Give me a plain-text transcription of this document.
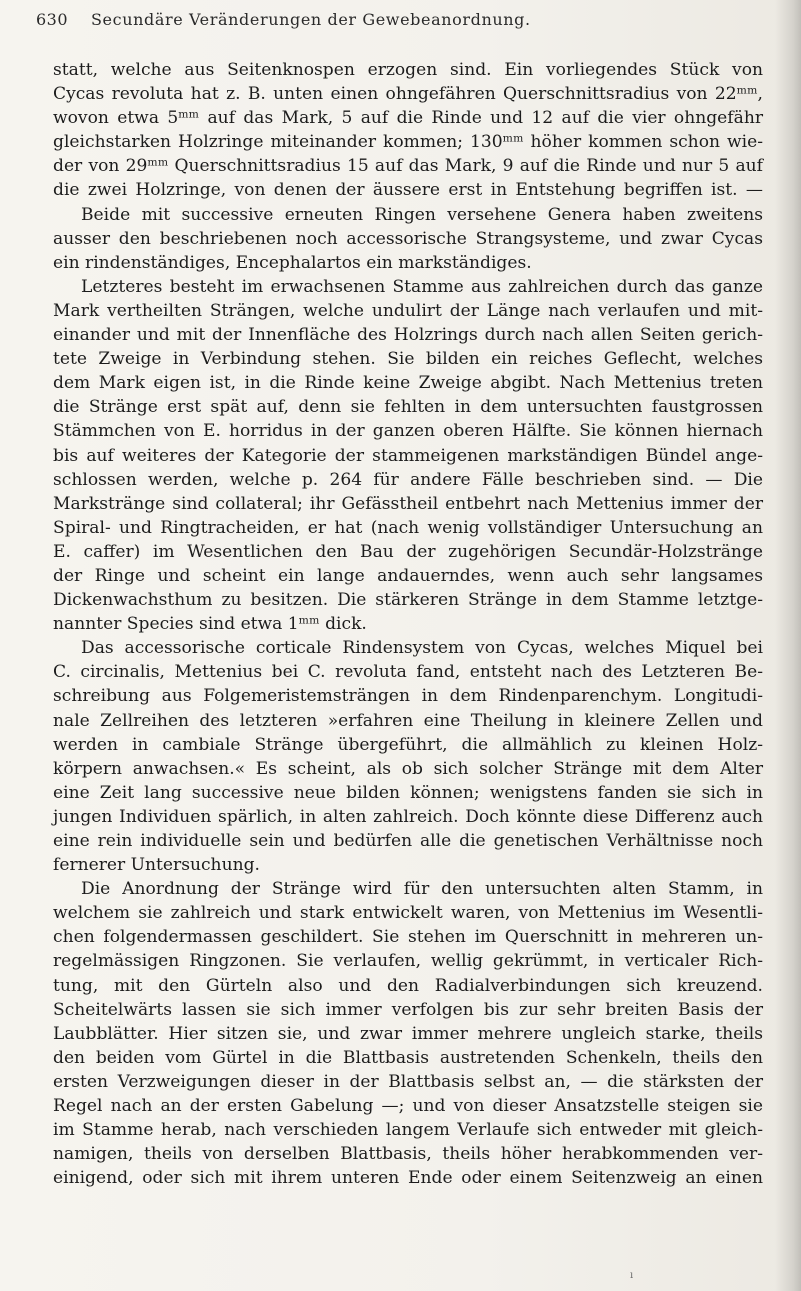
630 Secundäre Veränderungen der Gewebeanordnung.
statt, welche aus Seitenknospen erzogen sind. Ein vorliegendes Stück von
Cycas revoluta hat z. B. unten einen ohngefähren Querschnittsradius von 22ᵐᵐ,
wovon etwa 5ᵐᵐ auf das Mark, 5 auf die Rinde und 12 auf die vier ohngefähr
gleichstarken Holzringe miteinander kommen; 130ᵐᵐ höher kommen schon wie-
der von 29ᵐᵐ Querschnittsradius 15 auf das Mark, 9 auf die Rinde und nur 5 auf
die zwei Holzringe, von denen der äussere erst in Entstehung begriffen ist. —
Beide mit successive erneuten Ringen versehene Genera haben zweitens
ausser den beschriebenen noch accessorische Strangsysteme, und zwar Cycas
ein rindenständiges, Encephalartos ein markständiges.
Letzteres besteht im erwachsenen Stamme aus zahlreichen durch das ganze
Mark vertheilten Strängen, welche undulirt der Länge nach verlaufen und mit-
einander und mit der Innenfläche des Holzrings durch nach allen Seiten gerich-
tete Zweige in Verbindung stehen. Sie bilden ein reiches Geflecht, welches
dem Mark eigen ist, in die Rinde keine Zweige abgibt. Nach Mettenius treten
die Stränge erst spät auf, denn sie fehlten in dem untersuchten faustgrossen
Stämmchen von E. horridus in der ganzen oberen Hälfte. Sie können hiernach
bis auf weiteres der Kategorie der stammeigenen markständigen Bündel ange-
schlossen werden, welche p. 264 für andere Fälle beschrieben sind. — Die
Markstränge sind collateral; ihr Gefässtheil entbehrt nach Mettenius immer der
Spiral- und Ringtracheiden, er hat (nach wenig vollständiger Untersuchung an
E. caffer) im Wesentlichen den Bau der zugehörigen Secundär-Holzstränge
der Ringe und scheint ein lange andauerndes, wenn auch sehr langsames
Dickenwachsthum zu besitzen. Die stärkeren Stränge in dem Stamme letztge-
nannter Species sind etwa 1ᵐᵐ dick.
Das accessorische corticale Rindensystem von Cycas, welches Miquel bei
C. circinalis, Mettenius bei C. revoluta fand, entsteht nach des Letzteren Be-
schreibung aus Folgemeristemsträngen in dem Rindenparenchym. Longitudi-
nale Zellreihen des letzteren »erfahren eine Theilung in kleinere Zellen und
werden in cambiale Stränge übergeführt, die allmählich zu kleinen Holz-
körpern anwachsen.« Es scheint, als ob sich solcher Stränge mit dem Alter
eine Zeit lang successive neue bilden können; wenigstens fanden sie sich in
jungen Individuen spärlich, in alten zahlreich. Doch könnte diese Differenz auch
eine rein individuelle sein und bedürfen alle die genetischen Verhältnisse noch
fernerer Untersuchung.
Die Anordnung der Stränge wird für den untersuchten alten Stamm, in
welchem sie zahlreich und stark entwickelt waren, von Mettenius im Wesentli-
chen folgendermassen geschildert. Sie stehen im Querschnitt in mehreren un-
regelmässigen Ringzonen. Sie verlaufen, wellig gekrümmt, in verticaler Rich-
tung, mit den Gürteln also und den Radialverbindungen sich kreuzend.
Scheitelwärts lassen sie sich immer verfolgen bis zur sehr breiten Basis der
Laubblätter. Hier sitzen sie, und zwar immer mehrere ungleich starke, theils
den beiden vom Gürtel in die Blattbasis austretenden Schenkeln, theils den
ersten Verzweigungen dieser in der Blattbasis selbst an, — die stärksten der
Regel nach an der ersten Gabelung —; und von dieser Ansatzstelle steigen sie
im Stamme herab, nach verschieden langem Verlaufe sich entweder mit gleich-
namigen, theils von derselben Blattbasis, theils höher herabkommenden ver-
einigend, oder sich mit ihrem unteren Ende oder einem Seitenzweig an einen
ı
